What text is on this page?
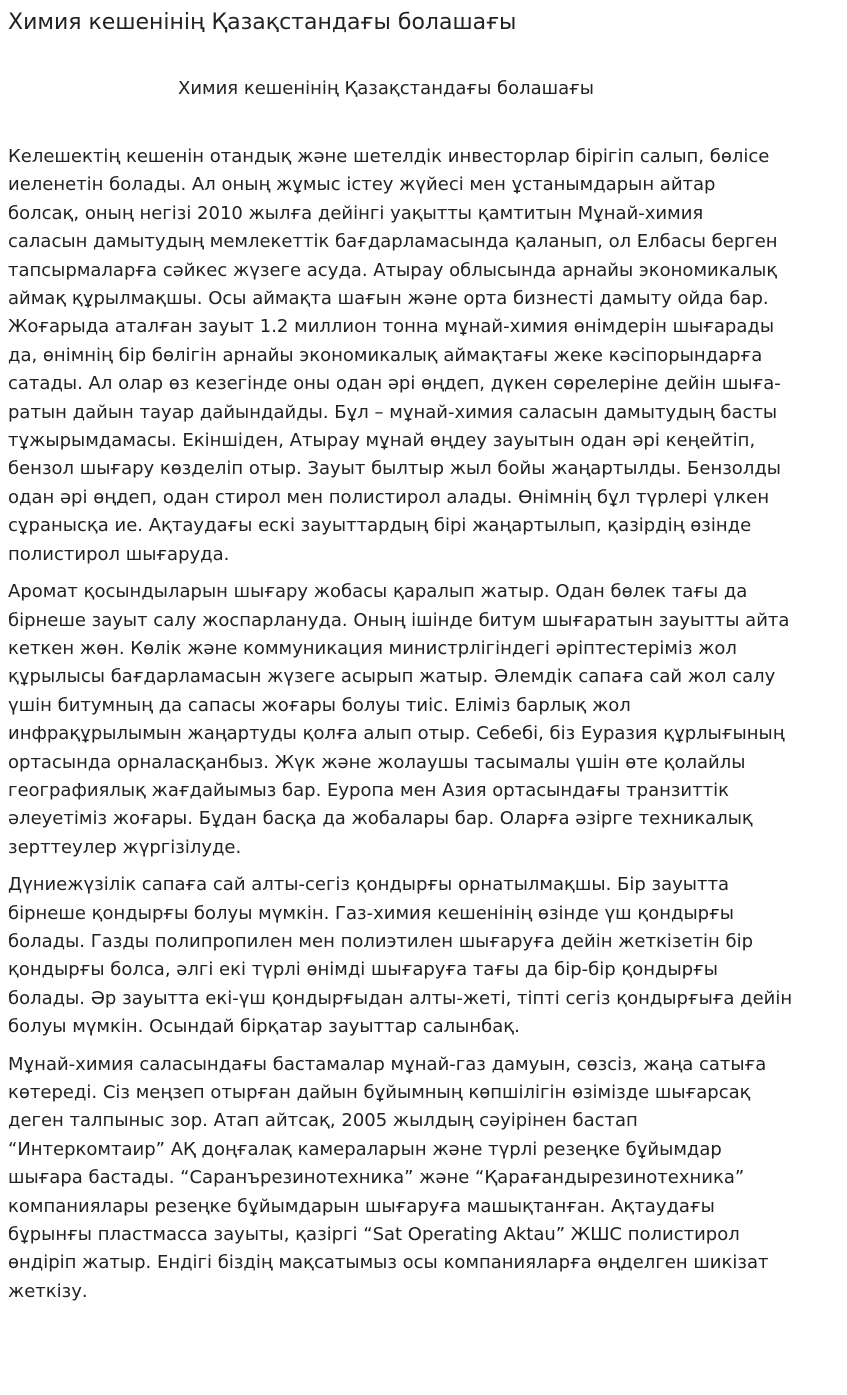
Химия кешенінің Қазақстандағы болашағы
Химия кешенінің Қазақстандағы болашағы

Келешектің кешенін отандық және шетелдік инвесторлар бірігіп салып, бөлісе
иеленетін болады. Ал оның жұмыс істеу жүйесі мен ұстанымдарын айтар
болсақ, оның негізі 2010 жылға дейінгі уақытты қамтитын Мұнай-химия
саласын дамытудың мемлекеттік бағдарламасында қаланып, ол Елбасы берген
тапсырмаларға сәйкес жүзеге асуда. Атырау облысында арнайы экономикалық
аймақ құрылмақшы. Осы аймақта шағын және орта бизнесті дамыту ойда бар.
Жоғарыда аталған зауыт 1.2 миллион тонна мұнай-химия өнімдерін шығарады
да, өнімнің бір бөлігін арнайы экономикалық аймақтағы жеке кәсіпорындарға
сатады. Ал олар өз кезегінде оны одан әрі өңдеп, дүкен сөрелеріне дейін шыға-
ратын дайын тауар дайындайды. Бұл – мұнай-химия саласын дамытудың басты
тұжырымдамасы. Екіншіден, Атырау мұнай өңдеу зауытын одан әрі кеңейтіп,
бензол шығару көзделіп отыр. Зауыт былтыр жыл бойы жаңартылды. Бензолды
одан әрі өңдеп, одан стирол мен полистирол алады. Өнімнің бұл түрлері үлкен
сұранысқа ие. Ақтаудағы ескі зауыттардың бірі жаңартылып, қазірдің өзінде
полистирол шығаруда.

Аромат қосындыларын шығару жобасы қаралып жатыр. Одан бөлек тағы да
бірнеше зауыт салу жоспарлануда. Оның ішінде битум шығаратын зауытты айта
кеткен жөн. Көлік және коммуникация министрлігіндегі әріптестеріміз жол
құрылысы бағдарламасын жүзеге асырып жатыр. Әлемдік сапаға сай жол салу
үшін битумның да сапасы жоғары болуы тиіс. Еліміз барлық жол
инфрақұрылымын жаңартуды қолға алып отыр. Себебі, біз Еуразия құрлығының
ортасында орналасқанбыз. Жүк және жолаушы тасымалы үшін өте қолайлы
географиялық жағдайымыз бар. Еуропа мен Азия ортасындағы транзиттік
әлеуетіміз жоғары. Бұдан басқа да жобалары бар. Оларға әзірге техникалық
зерттеулер жүргізілуде.

Дүниежүзілік сапаға сай алты-сегіз қондырғы орнатылмақшы. Бір зауытта
бірнеше қондырғы болуы мүмкін. Газ-химия кешенінің өзінде үш қондырғы
болады. Газды полипропилен мен полиэтилен шығаруға дейін жеткізетін бір
қондырғы болса, әлгі екі түрлі өнімді шығаруға тағы да бір-бір қондырғы
болады. Әр зауытта екі-үш қондырғыдан алты-жеті, тіпті сегіз қондырғыға дейін
болуы мүмкін. Осындай бірқатар зауыттар салынбақ.

Мұнай-химия саласындағы бастамалар мұнай-газ дамуын, сөзсіз, жаңа сатыға
көтереді. Сіз меңзеп отырған дайын бұйымның көпшілігін өзімізде шығарсақ
деген талпыныс зор. Атап айтсақ, 2005 жылдың сәуірінен бастап
“Интеркомтаир” АҚ доңғалақ камераларын және түрлі резеңке бұйымдар
шығара бастады. “Саранърезинотехника” және “Қарағандырезинотехника”
компаниялары резеңке бұйымдарын шығаруға машықтанған. Ақтаудағы
бұрынғы пластмасса зауыты, қазіргі “Sat Operating Aktau” ЖШС полистирол
өндіріп жатыр. Ендігі біздің мақсатымыз осы компанияларға өңделген шикізат
жеткізу.
